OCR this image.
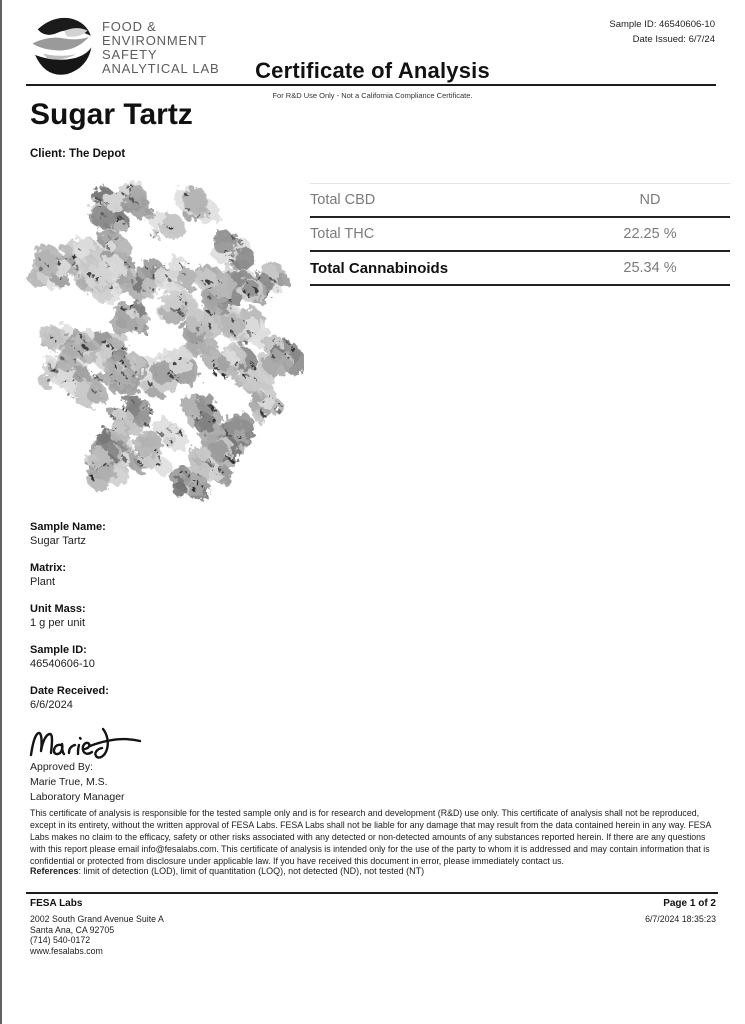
FOOD &
ENVIRONMENT
SAFETY
ANALYTICAL LAB
Sample ID: 46540606-10
Date Issued: 6/7/24
Certificate of Analysis
For R&D Use Only - Not a California Compliance Certificate.
Sugar Tartz
Client: The Depot
Total CBD	ND
Total THC	22.25 %
Total Cannabinoids	25.34 %
Sample Name:
Sugar Tartz
Matrix:
Plant
Unit Mass:
1 g per unit
Sample ID:
46540606-10
Date Received:
6/6/2024
Approved By:
Marie True, M.S.
Laboratory Manager
This certificate of analysis is responsible for the tested sample only and is for research and development (R&D) use only. This certificate of analysis shall not be reproduced, except in its entirety, without the written approval of FESA Labs. FESA Labs shall not be liable for any damage that may result from the data contained herein in any way. FESA Labs makes no claim to the efficacy, safety or other risks associated with any detected or non-detected amounts of any substances reported herein. If there are any questions with this report please email info@fesalabs.com. This certificate of analysis is intended only for the use of the party to whom it is addressed and may contain information that is confidential or protected from disclosure under applicable law. If you have received this document in error, please immediately contact us.
References: limit of detection (LOD), limit of quantitation (LOQ), not detected (ND), not tested (NT)
FESA Labs
2002 South Grand Avenue Suite A
Santa Ana, CA 92705
(714) 540-0172
www.fesalabs.com
Page 1 of 2
6/7/2024 18:35:23
